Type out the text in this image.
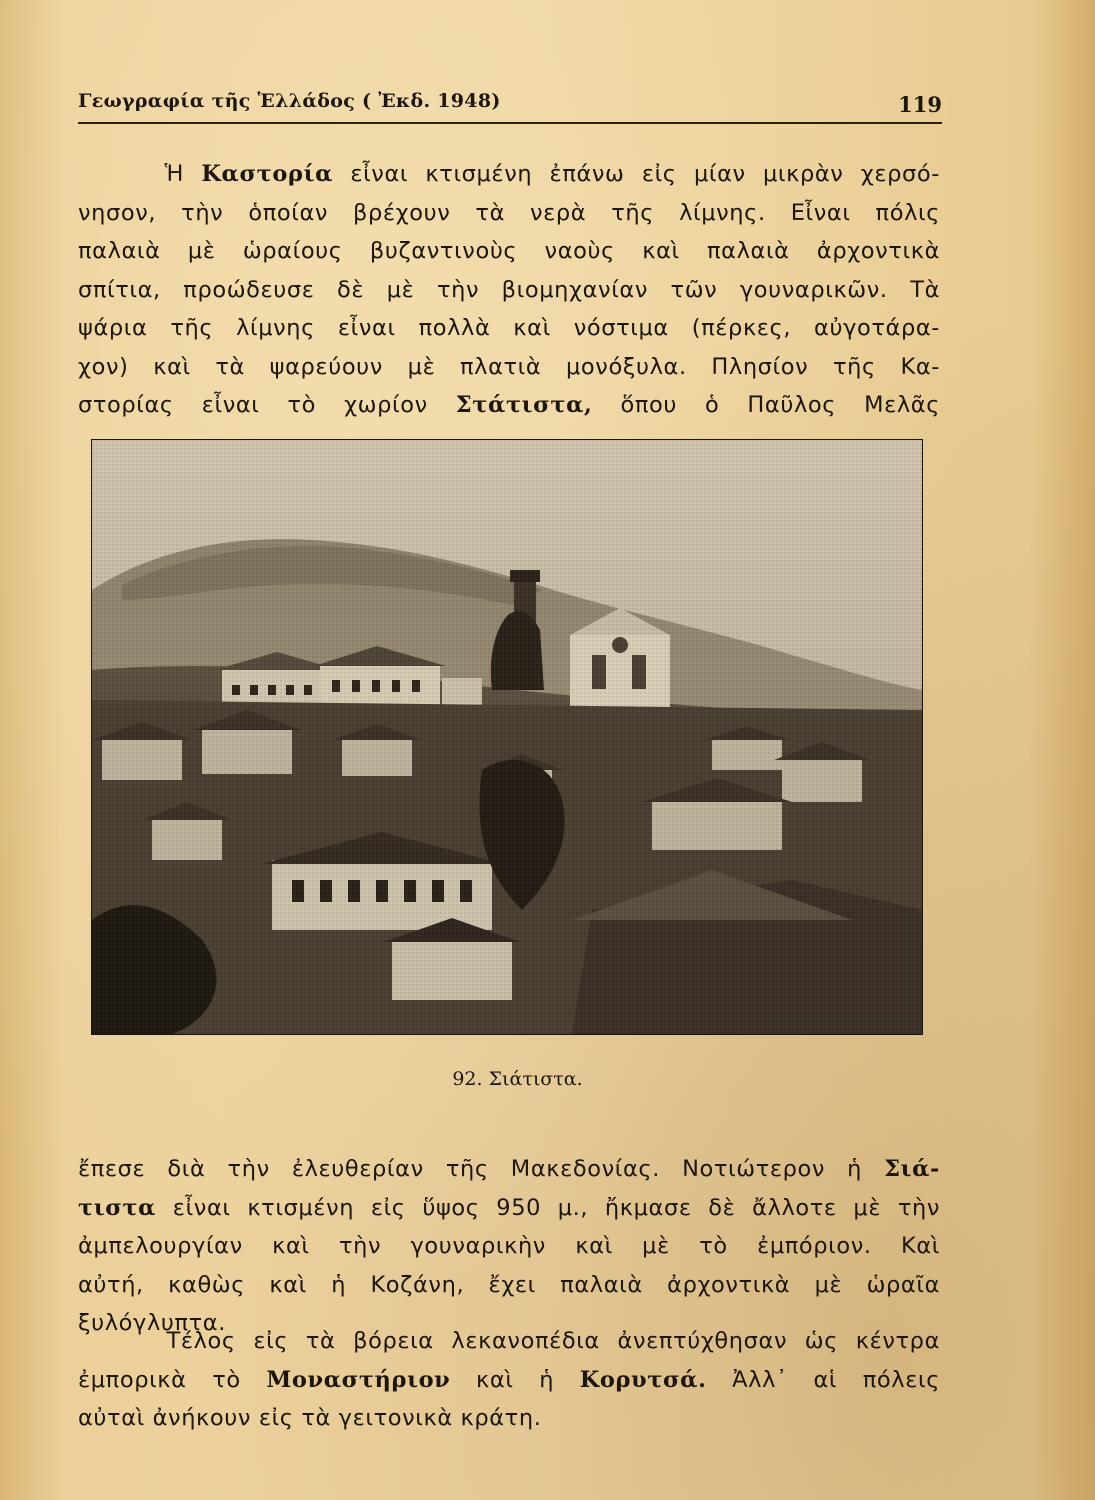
Γεωγραφία τῆς Ἑλλάδος ( Ἐκδ. 1948)	119
Ἡ Καστορία εἶναι κτισμένη ἐπάνω εἰς μίαν μικρὰν χερσό-
νησον, τὴν ὁποίαν βρέχουν τὰ νερὰ τῆς λίμνης. Εἶναι πόλις
παλαιὰ μὲ ὡραίους βυζαντινοὺς ναοὺς καὶ παλαιὰ ἀρχοντικὰ
σπίτια, προώδευσε δὲ μὲ τὴν βιομηχανίαν τῶν γουναρικῶν. Τὰ
ψάρια τῆς λίμνης εἶναι πολλὰ καὶ νόστιμα (πέρκες, αὐγοτάρα-
χον) καὶ τὰ ψαρεύουν μὲ πλατιὰ μονόξυλα. Πλησίον τῆς Κα-
στορίας εἶναι τὸ χωρίον Στάτιστα, ὅπου ὁ Παῦλος Μελᾶς
92. Σιάτιστα.
ἔπεσε διὰ τὴν ἐλευθερίαν τῆς Μακεδονίας. Νοτιώτερον ἡ Σιά-
τιστα εἶναι κτισμένη εἰς ὕψος 950 μ., ἤκμασε δὲ ἄλλοτε μὲ τὴν
ἀμπελουργίαν καὶ τὴν γουναρικὴν καὶ μὲ τὸ ἐμπόριον. Καὶ
αὐτή, καθὼς καὶ ἡ Κοζάνη, ἔχει παλαιὰ ἀρχοντικὰ μὲ ὡραῖα
ξυλόγλυπτα.
Τέλος εἰς τὰ βόρεια λεκανοπέδια ἀνεπτύχθησαν ὡς κέντρα
ἐμπορικὰ τὸ Μοναστήριον καὶ ἡ Κορυτσά. Ἀλλ᾽ αἱ πόλεις
αὐταὶ ἀνήκουν εἰς τὰ γειτονικὰ κράτη.
